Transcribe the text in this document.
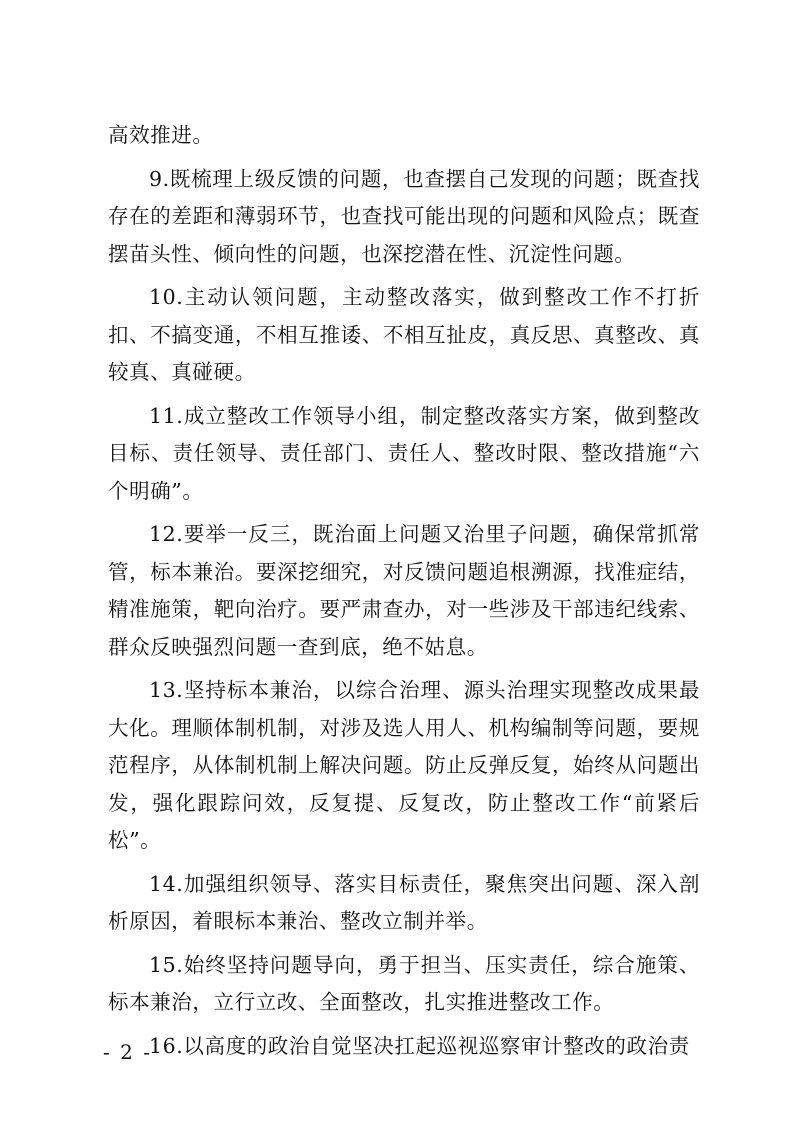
高效推进。

9.既梳理上级反馈的问题，也查摆自己发现的问题；既查找存在的差距和薄弱环节，也查找可能出现的问题和风险点；既查摆苗头性、倾向性的问题，也深挖潜在性、沉淀性问题。

10.主动认领问题，主动整改落实，做到整改工作不打折扣、不搞变通，不相互推诿、不相互扯皮，真反思、真整改、真较真、真碰硬。

11.成立整改工作领导小组，制定整改落实方案，做到整改目标、责任领导、责任部门、责任人、整改时限、整改措施“六个明确”。

12.要举一反三，既治面上问题又治里子问题，确保常抓常管，标本兼治。要深挖细究，对反馈问题追根溯源，找准症结，精准施策，靶向治疗。要严肃查办，对一些涉及干部违纪线索、群众反映强烈问题一查到底，绝不姑息。

13.坚持标本兼治，以综合治理、源头治理实现整改成果最大化。理顺体制机制，对涉及选人用人、机构编制等问题，要规范程序，从体制机制上解决问题。防止反弹反复，始终从问题出发，强化跟踪问效，反复提、反复改，防止整改工作“前紧后松”。

14.加强组织领导、落实目标责任，聚焦突出问题、深入剖析原因，着眼标本兼治、整改立制并举。

15.始终坚持问题导向，勇于担当、压实责任，综合施策、标本兼治，立行立改、全面整改，扎实推进整改工作。

16.以高度的政治自觉坚决扛起巡视巡察审计整改的政治责

- 2 -
